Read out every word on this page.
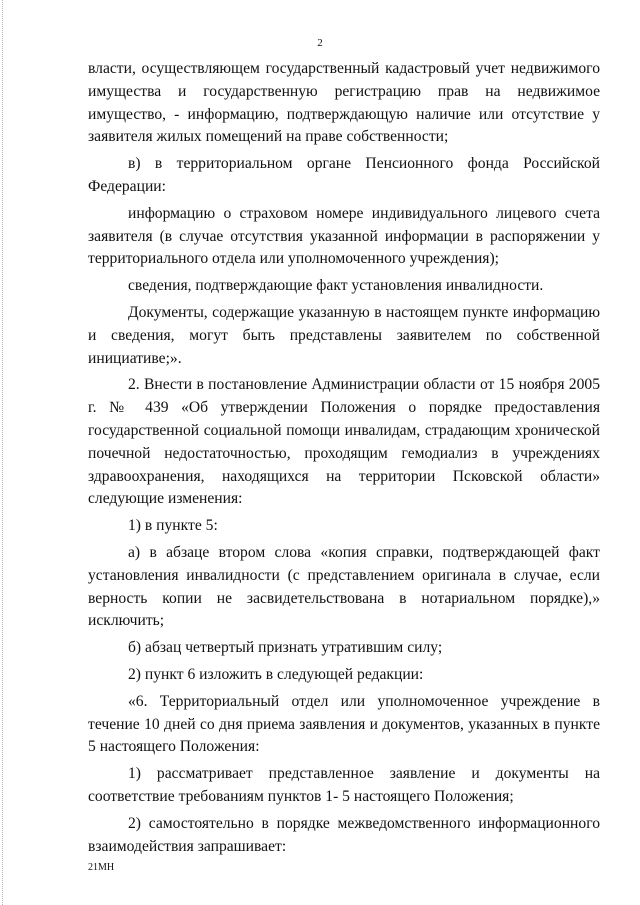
2

власти, осуществляющем государственный кадастровый учет недвижимого имущества и государственную регистрацию прав на недвижимое имущество, - информацию, подтверждающую наличие или отсутствие у заявителя жилых помещений на праве собственности;

в) в территориальном органе Пенсионного фонда Российской Федерации:

информацию о страховом номере индивидуального лицевого счета заявителя (в случае отсутствия указанной информации в распоряжении у территориального отдела или уполномоченного учреждения);

сведения, подтверждающие факт установления инвалидности.

Документы, содержащие указанную в настоящем пункте информацию и сведения, могут быть представлены заявителем по собственной инициативе;».

2. Внести в постановление Администрации области от 15 ноября 2005 г. № 439 «Об утверждении Положения о порядке предоставления государственной социальной помощи инвалидам, страдающим хронической почечной недостаточностью, проходящим гемодиализ в учреждениях здравоохранения, находящихся на территории Псковской области» следующие изменения:

1) в пункте 5:

а) в абзаце втором слова «копия справки, подтверждающей факт установления инвалидности (с представлением оригинала в случае, если верность копии не засвидетельствована в нотариальном порядке),» исключить;

б) абзац четвертый признать утратившим силу;

2) пункт 6 изложить в следующей редакции:

«6. Территориальный отдел или уполномоченное учреждение в течение 10 дней со дня приема заявления и документов, указанных в пункте 5 настоящего Положения:

1) рассматривает представленное заявление и документы на соответствие требованиям пунктов 1- 5 настоящего Положения;

2) самостоятельно в порядке межведомственного информационного взаимодействия запрашивает:

21МН
